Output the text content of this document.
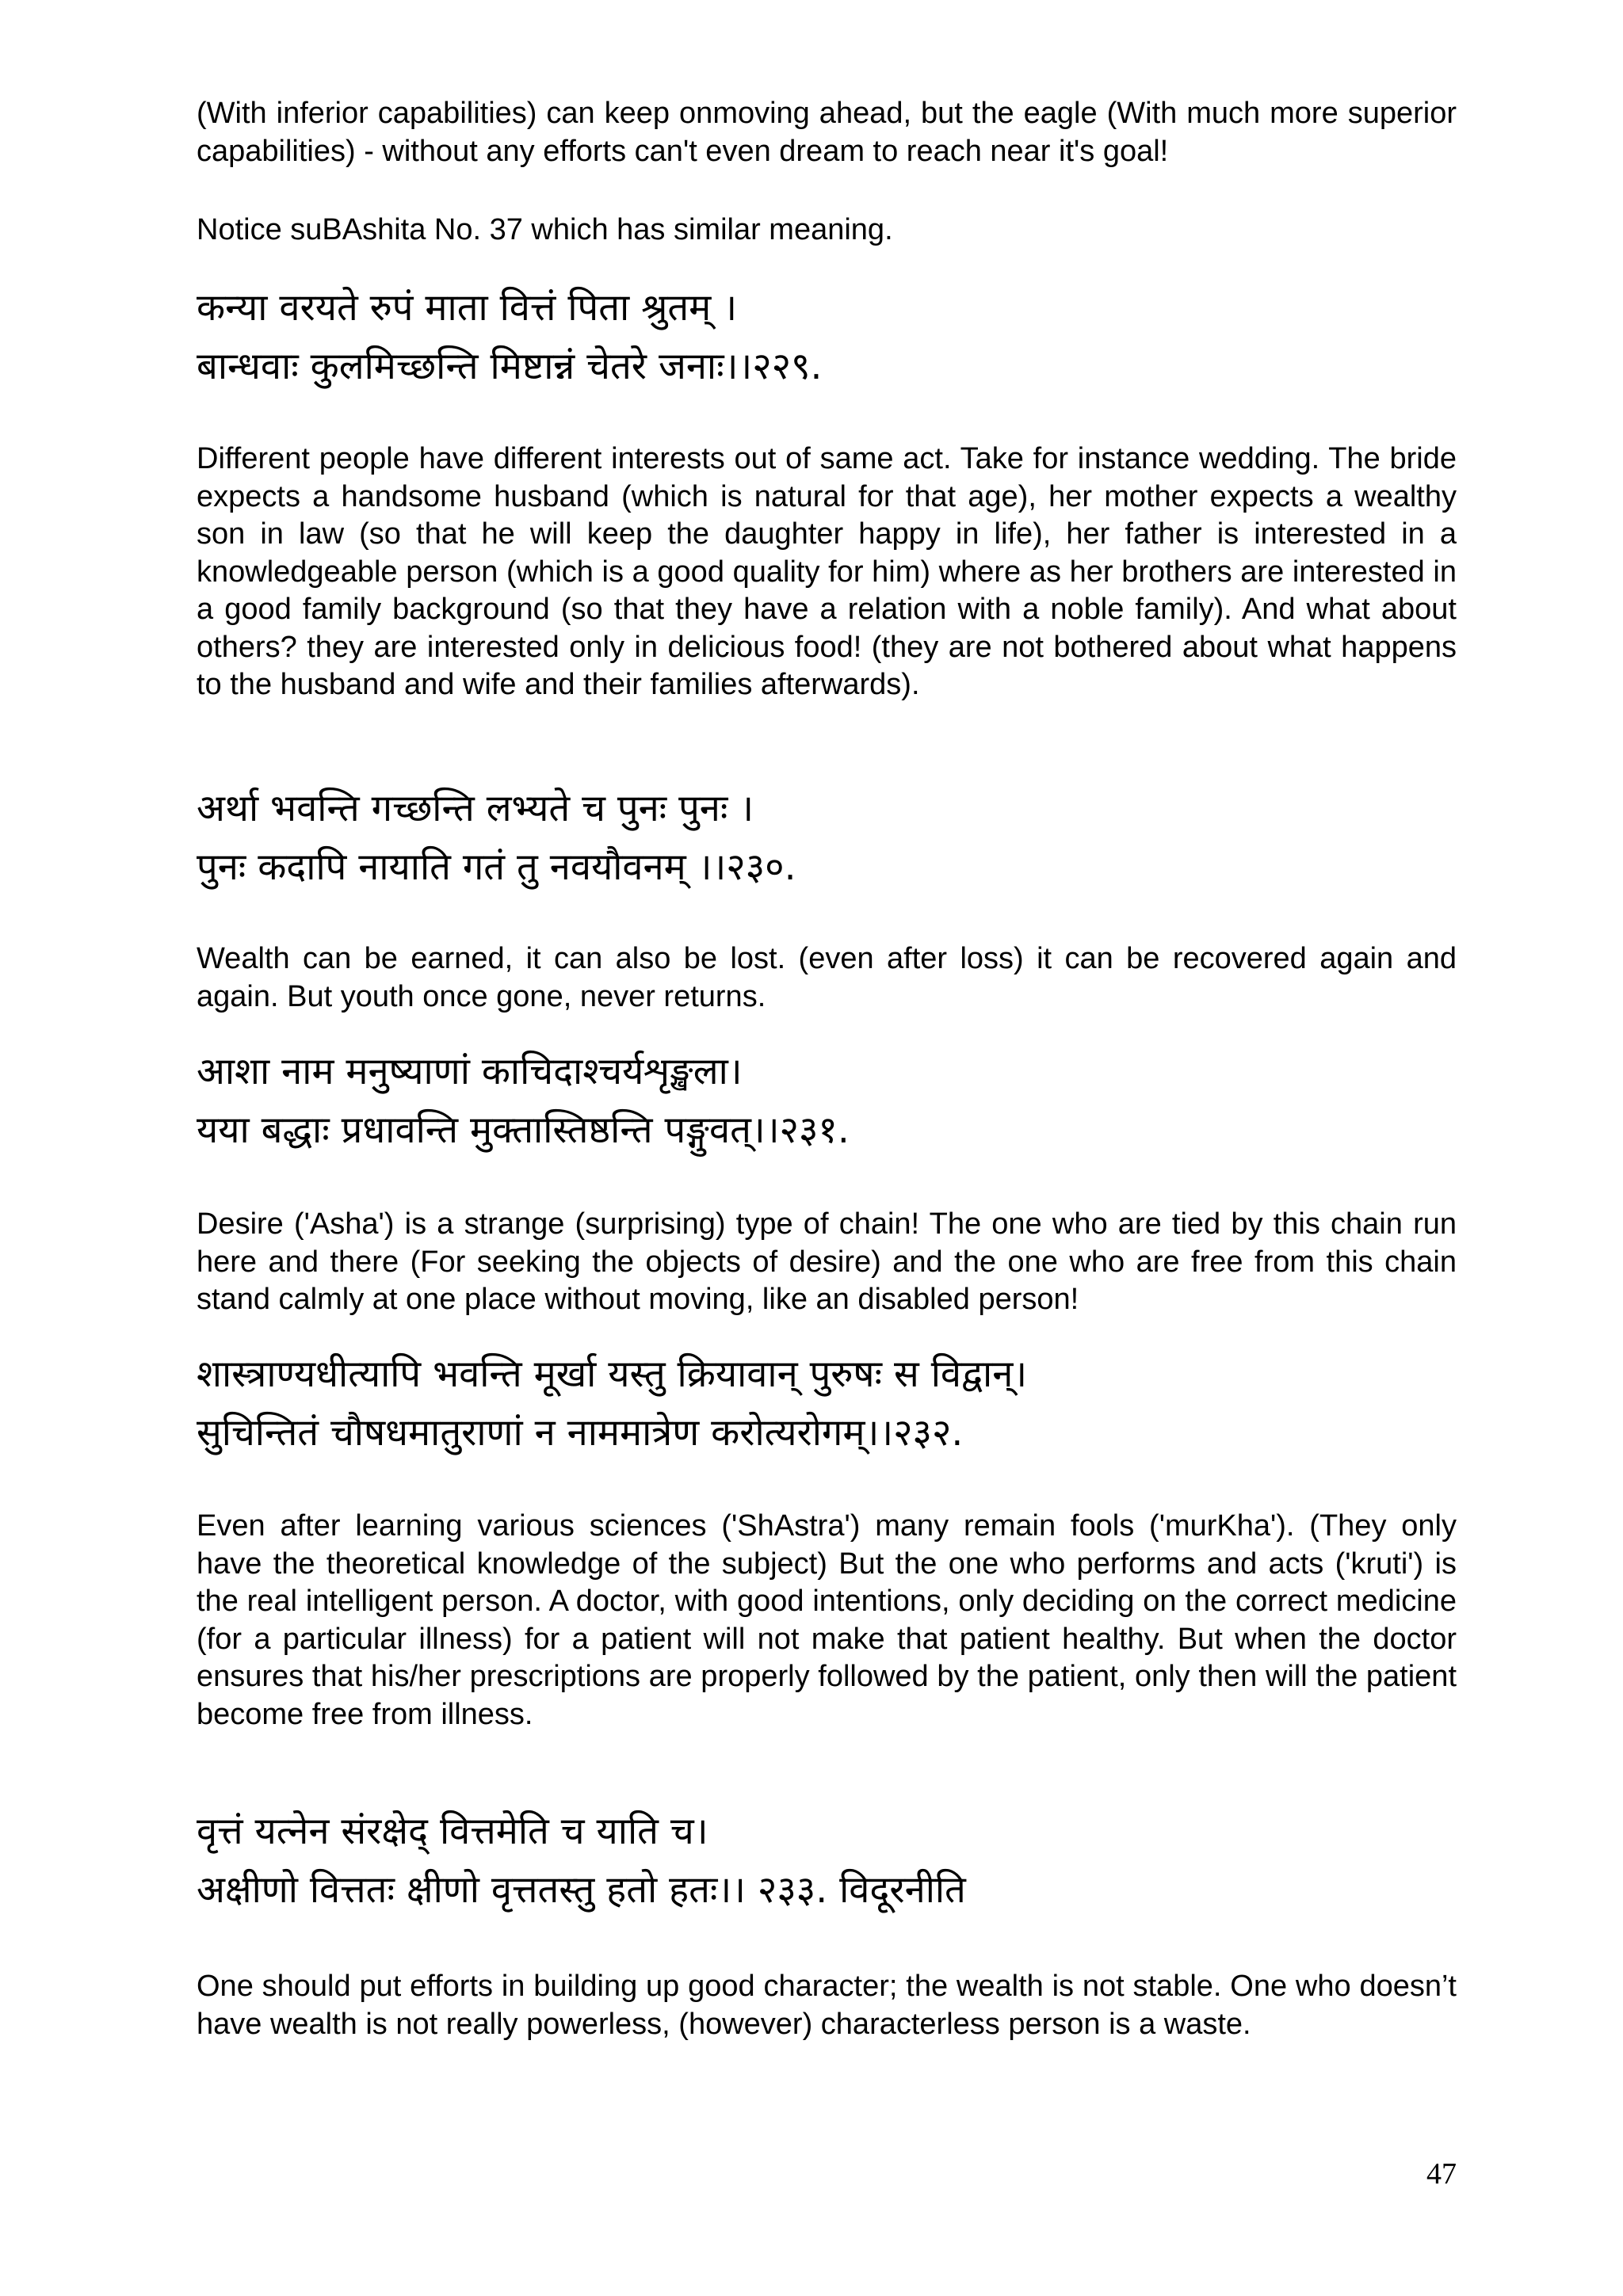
(With inferior capabilities) can keep onmoving ahead, but the eagle (With much more superior capabilities) - without any efforts can't even dream to reach near it's goal!

Notice suBAshita No. 37 which has similar meaning.

कन्या वरयते रुपं माता वित्तं पिता श्रुतम् ।
बान्धवाः कुलमिच्छन्ति मिष्टान्नं चेतरे जनाः।।२२९.

Different people have different interests out of same act. Take for instance wedding. The bride expects a handsome husband (which is natural for that age), her mother expects a wealthy son in law (so that he will keep the daughter happy in life), her father is interested in a knowledgeable person (which is a good quality for him) where as her brothers are interested in a good family background (so that they have a relation with a noble family). And what about others? they are interested only in delicious food! (they are not bothered about what happens to the husband and wife and their families afterwards).

अर्था भवन्ति गच्छन्ति लभ्यते च पुनः पुनः ।
पुनः कदापि नायाति गतं तु नवयौवनम् ।।२३०.

Wealth can be earned, it can also be lost. (even after loss) it can be recovered again and again. But youth once gone, never returns.

आशा नाम मनुष्याणां काचिदाश्चर्यशृङ्खला।
यया बद्धाः प्रधावन्ति मुक्तास्तिष्ठन्ति पङ्गुवत्।।२३१.

Desire ('Asha') is a strange (surprising) type of chain! The one who are tied by this chain run here and there (For seeking the objects of desire) and the one who are free from this chain stand calmly at one place without moving, like an disabled person!

शास्त्राण्यधीत्यापि भवन्ति मूर्खा यस्तु क्रियावान् पुरुषः स विद्वान्।
सुचिन्तितं चौषधमातुराणां न नाममात्रेण करोत्यरोगम्।।२३२.

Even after learning various sciences ('ShAstra') many remain fools ('murKha'). (They only have the theoretical knowledge of the subject) But the one who performs and acts ('kruti') is the real intelligent person. A doctor, with good intentions, only deciding on the correct medicine (for a particular illness) for a patient will not make that patient healthy. But when the doctor ensures that his/her prescriptions are properly followed by the patient, only then will the patient become free from illness.

वृत्तं यत्नेन संरक्षेद् वित्तमेति च याति च।
अक्षीणो वित्ततः क्षीणो वृत्ततस्तु हतो हतः।। २३३. विदूरनीति

One should put efforts in building up good character; the wealth is not stable. One who doesn’t have wealth is not really powerless, (however) characterless person is a waste.

47
